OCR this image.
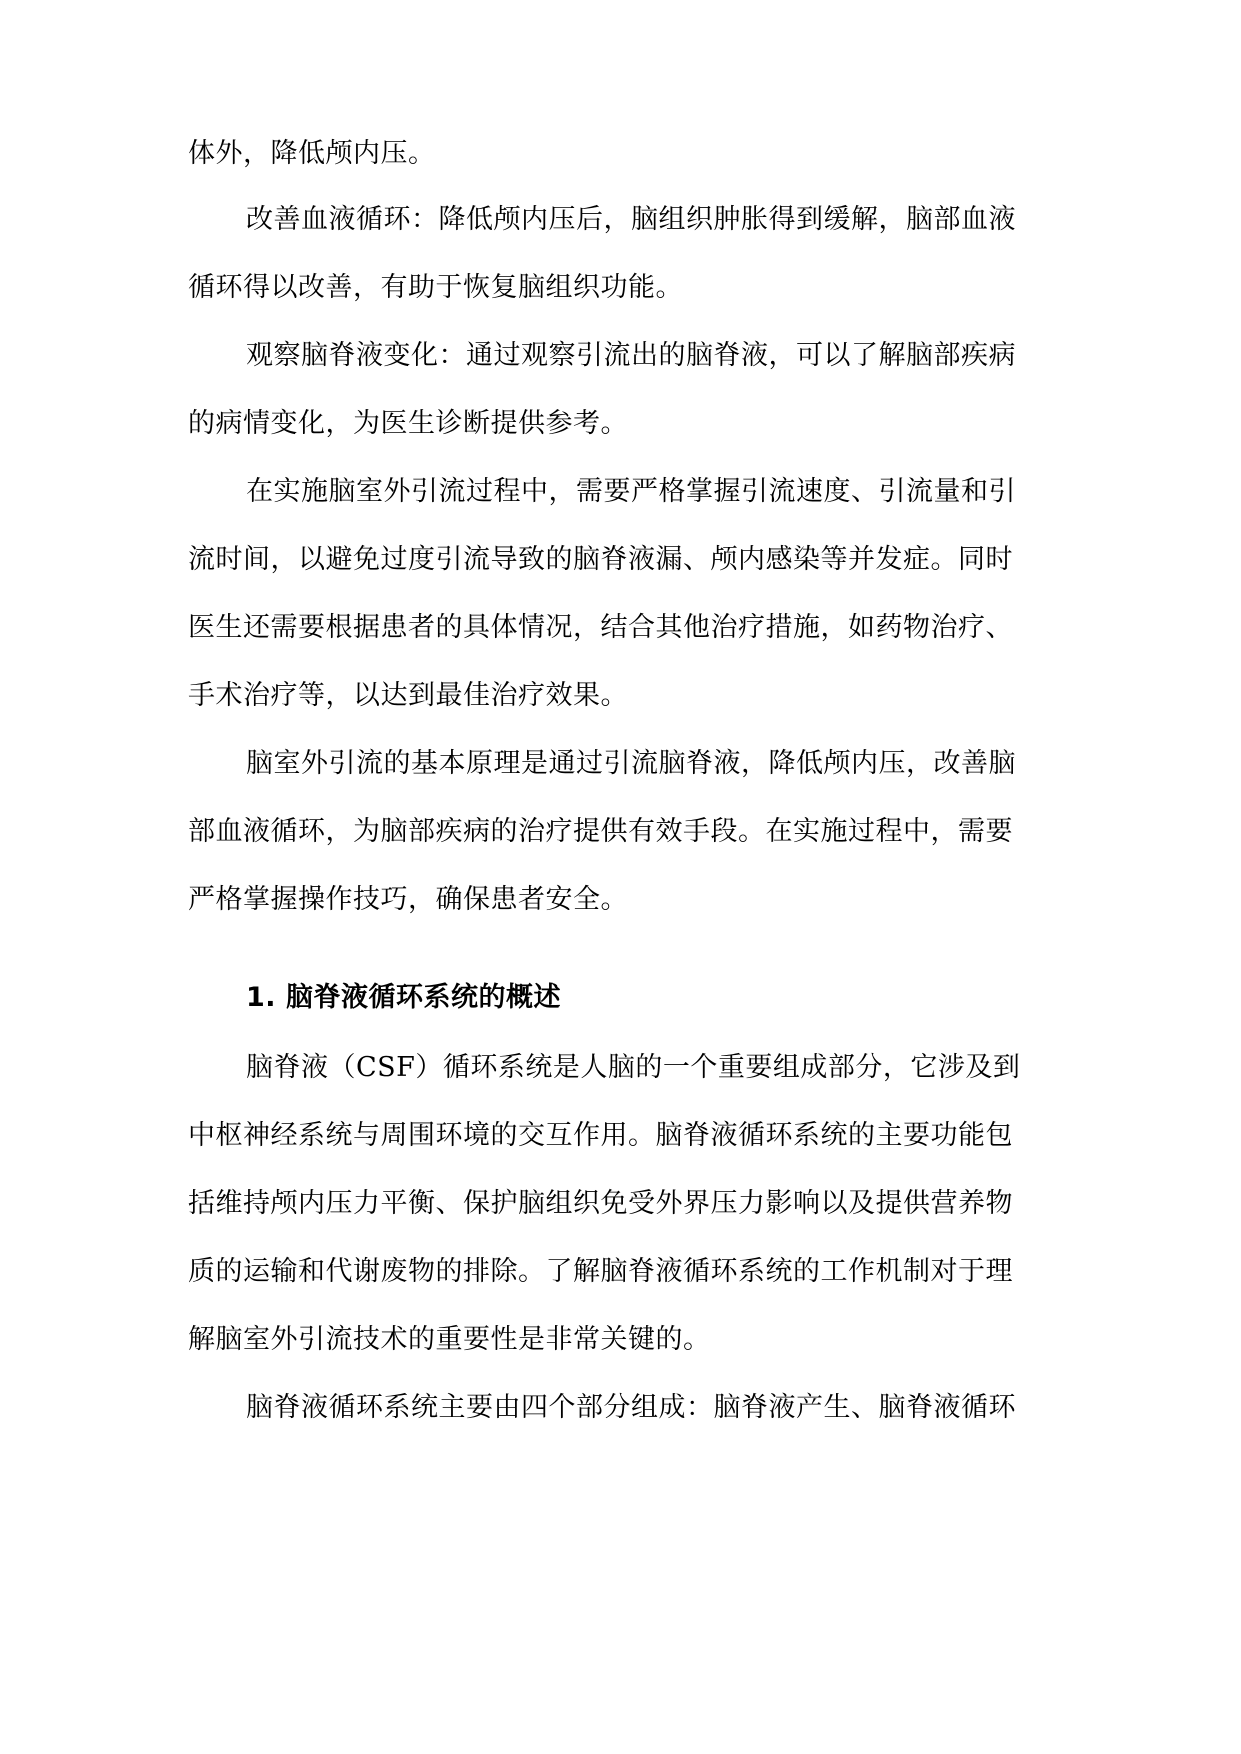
体外，降低颅内压。
改善血液循环：降低颅内压后，脑组织肿胀得到缓解，脑部血液
循环得以改善，有助于恢复脑组织功能。
观察脑脊液变化：通过观察引流出的脑脊液，可以了解脑部疾病
的病情变化，为医生诊断提供参考。
在实施脑室外引流过程中，需要严格掌握引流速度、引流量和引
流时间，以避免过度引流导致的脑脊液漏、颅内感染等并发症。同时
医生还需要根据患者的具体情况，结合其他治疗措施，如药物治疗、
手术治疗等，以达到最佳治疗效果。
脑室外引流的基本原理是通过引流脑脊液，降低颅内压，改善脑
部血液循环，为脑部疾病的治疗提供有效手段。在实施过程中，需要
严格掌握操作技巧，确保患者安全。
1. 脑脊液循环系统的概述
脑脊液（CSF）循环系统是人脑的一个重要组成部分，它涉及到
中枢神经系统与周围环境的交互作用。脑脊液循环系统的主要功能包
括维持颅内压力平衡、保护脑组织免受外界压力影响以及提供营养物
质的运输和代谢废物的排除。了解脑脊液循环系统的工作机制对于理
解脑室外引流技术的重要性是非常关键的。
脑脊液循环系统主要由四个部分组成：脑脊液产生、脑脊液循环
